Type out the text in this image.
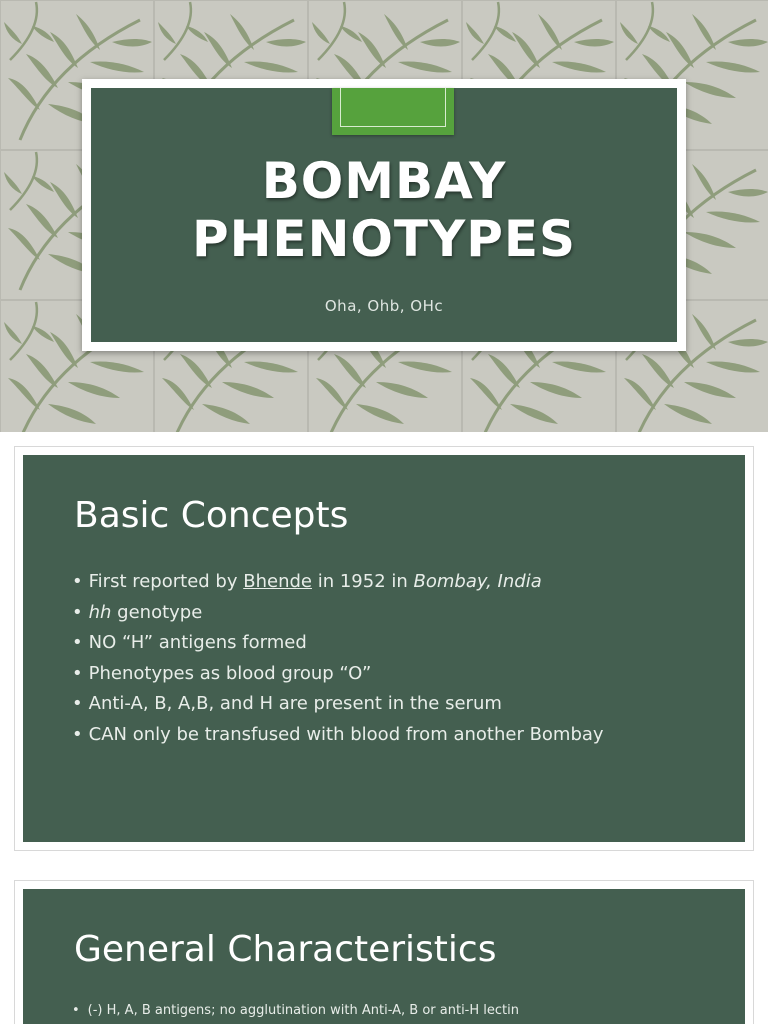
BOMBAY
PHENOTYPES
Oha, Ohb, OHc
Basic Concepts
• First reported by Bhende in 1952 in Bombay, India
• hh genotype
• NO “H” antigens formed
• Phenotypes as blood group “O”
• Anti-A, B, A,B, and H are present in the serum
• CAN only be transfused with blood from another Bombay
General Characteristics
• (-) H, A, B antigens; no agglutination with Anti-A, B or anti-H lectin
